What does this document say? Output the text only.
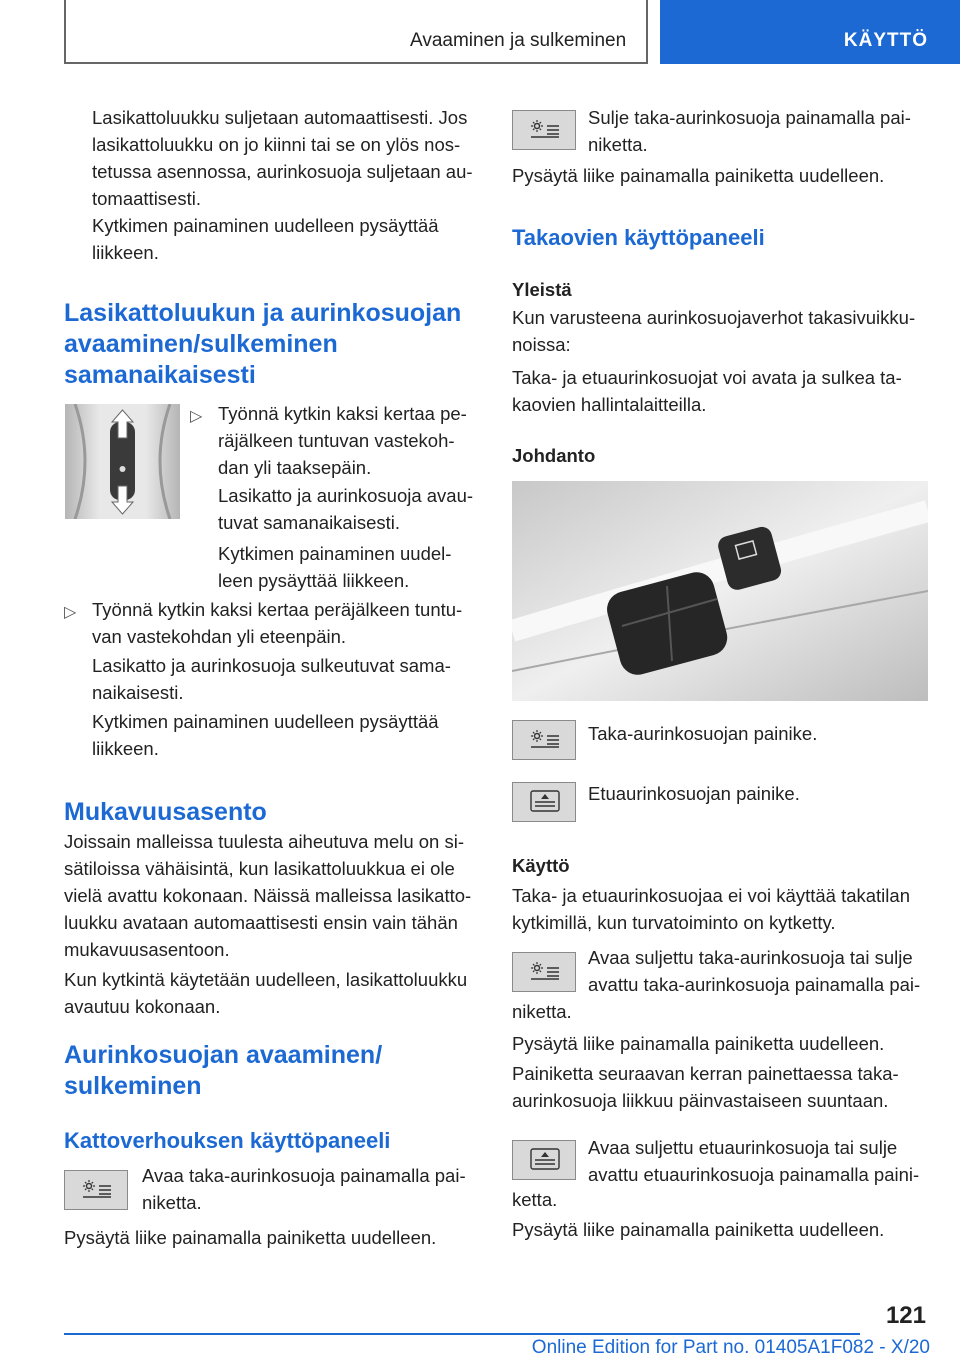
Avaaminen ja sulkeminen	KÄYTTÖ

Lasikattoluukku suljetaan automaattisesti. Jos

lasikattoluukku on jo kiinni tai se on ylös nos-

tetussa asennossa, aurinkosuoja suljetaan au-

tomaattisesti.

Kytkimen painaminen uudelleen pysäyttää

liikkeen.

Lasikattoluukun ja aurinkosuojan
avaaminen/sulkeminen
samanaikaisesti
▷ Työnnä kytkin kaksi kertaa pe-

räjälkeen tuntuvan vastekoh-

dan yli taaksepäin.

Lasikatto ja aurinkosuoja avau-

tuvat samanaikaisesti.

Kytkimen painaminen uudel-

leen pysäyttää liikkeen.

▷ Työnnä kytkin kaksi kertaa peräjälkeen tuntu-

van vastekohdan yli eteenpäin.

Lasikatto ja aurinkosuoja sulkeutuvat sama-

naikaisesti.

Kytkimen painaminen uudelleen pysäyttää

liikkeen.

Mukavuusasento

Joissain malleissa tuulesta aiheutuva melu on si-

sätiloissa vähäisintä, kun lasikattoluukkua ei ole

vielä avattu kokonaan. Näissä malleissa lasikatto-

luukku avataan automaattisesti ensin vain tähän

mukavuusasentoon.

Kun kytkintä käytetään uudelleen, lasikattoluukku

avautuu kokonaan.

Aurinkosuojan avaaminen/
sulkeminen
Kattoverhouksen käyttöpaneeli

Avaa taka-aurinkosuoja painamalla pai-

niketta.

Pysäytä liike painamalla painiketta uudelleen.

Sulje taka-aurinkosuoja painamalla pai-

niketta.

Pysäytä liike painamalla painiketta uudelleen.

Takaovien käyttöpaneeli
Yleistä

Kun varusteena aurinkosuojaverhot takasivuikku-

noissa:

Taka- ja etuaurinkosuojat voi avata ja sulkea ta-

kaovien hallintalaitteilla.

Johdanto

Taka-aurinkosuojan painike.

Etuaurinkosuojan painike.

Käyttö

Taka- ja etuaurinkosuojaa ei voi käyttää takatilan

kytkimillä, kun turvatoiminto on kytketty.

Avaa suljettu taka-aurinkosuoja tai sulje

avattu taka-aurinkosuoja painamalla pai-

niketta.

Pysäytä liike painamalla painiketta uudelleen.

Painiketta seuraavan kerran painettaessa taka-

aurinkosuoja liikkuu päinvastaiseen suuntaan.

Avaa suljettu etuaurinkosuoja tai sulje

avattu etuaurinkosuoja painamalla paini-

ketta.

Pysäytä liike painamalla painiketta uudelleen.

121
Online Edition for Part no. 01405A1F082 - X/20
